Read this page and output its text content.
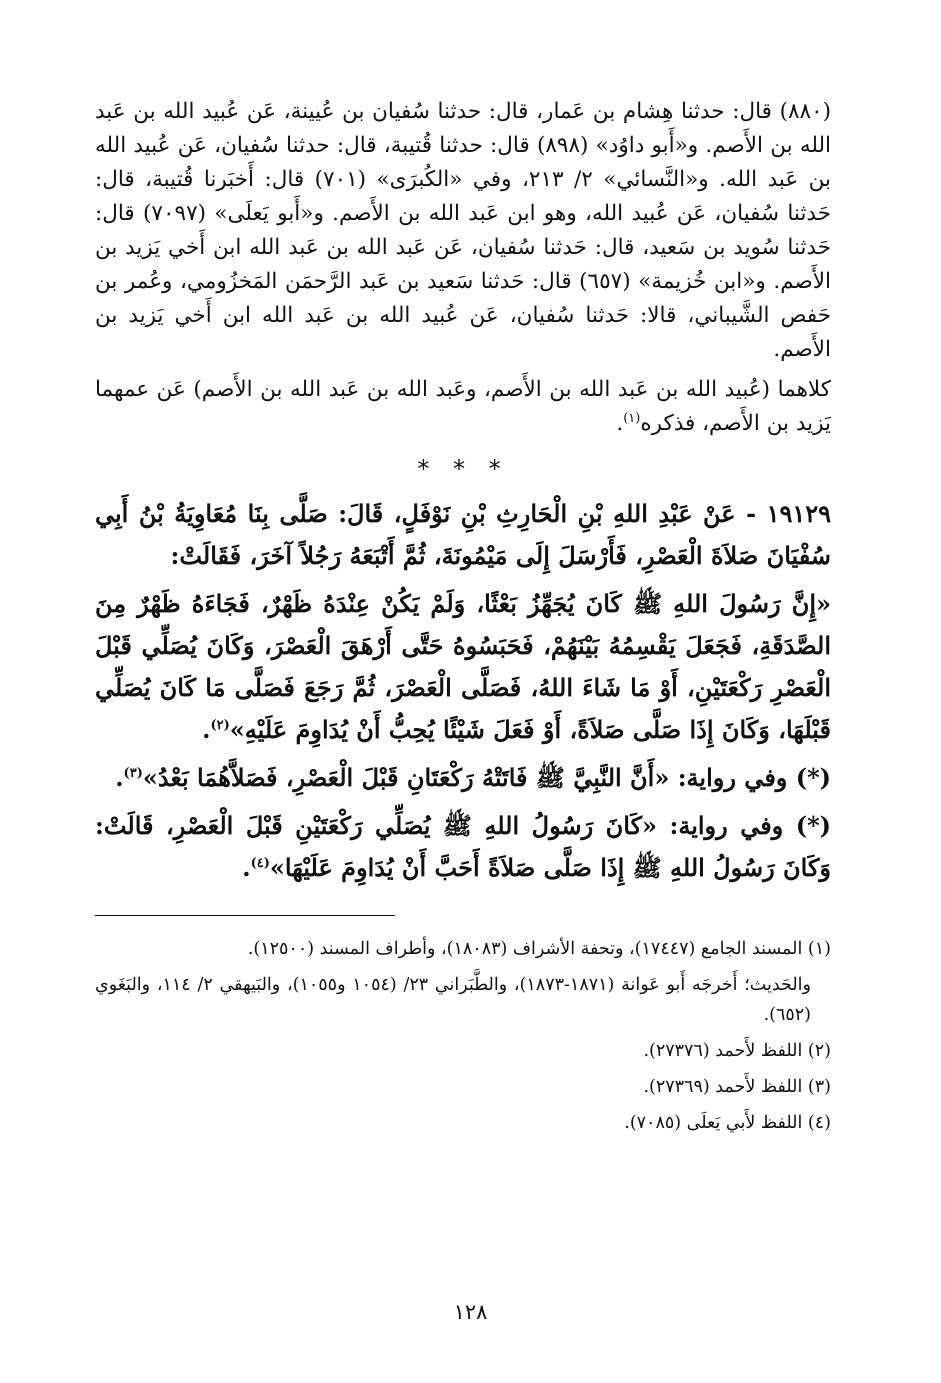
(٨٨٠) قال: حدثنا هِشام بن عَمار، قال: حدثنا سُفيان بن عُيينة، عَن عُبيد الله بن عَبد الله بن الأَصم. و«أَبو داوُد» (٨٩٨) قال: حدثنا قُتيبة، قال: حدثنا سُفيان، عَن عُبيد الله بن عَبد الله. و«النَّسائي» ٢/ ٢١٣، وفي «الكُبرَى» (٧٠١) قال: أَخبَرنا قُتيبة، قال: حَدثنا سُفيان، عَن عُبيد الله، وهو ابن عَبد الله بن الأَصم. و«أَبو يَعلَى» (٧٠٩٧) قال: حَدثنا سُويد بن سَعيد، قال: حَدثنا سُفيان، عَن عَبد الله بن عَبد الله ابن أَخي يَزيد بن الأَصم. و«ابن خُزيمة» (٦٥٧) قال: حَدثنا سَعيد بن عَبد الرَّحمَن المَخزُومي، وعُمر بن حَفص الشَّيباني، قالا: حَدثنا سُفيان، عَن عُبيد الله بن عَبد الله ابن أَخي يَزيد بن الأَصم.

كلاهما (عُبيد الله بن عَبد الله بن الأَصم، وعَبد الله بن عَبد الله بن الأَصم) عَن عمهما يَزيد بن الأَصم، فذكره$^{(١)}$.

* * *

١٩١٢٩ - عَنْ عَبْدِ اللهِ بْنِ الْحَارِثِ بْنِ نَوْفَلٍ، قَالَ: صَلَّى بِنَا مُعَاوِيَةُ بْنُ أَبِي سُفْيَانَ صَلاَةَ الْعَصْرِ، فَأَرْسَلَ إِلَى مَيْمُونَةَ، ثُمَّ أَتْبَعَهُ رَجُلاً آخَرَ، فَقَالَتْ:

«إِنَّ رَسُولَ اللهِ ﷺ كَانَ يُجَهِّزُ بَعْثًا، وَلَمْ يَكُنْ عِنْدَهُ ظَهْرٌ، فَجَاءَهُ ظَهْرٌ مِنَ الصَّدَقَةِ، فَجَعَلَ يَقْسِمُهُ بَيْنَهُمْ، فَحَبَسُوهُ حَتَّى أَرْهَقَ الْعَصْرَ، وَكَانَ يُصَلِّي قَبْلَ الْعَصْرِ رَكْعَتَيْنِ، أَوْ مَا شَاءَ اللهُ، فَصَلَّى الْعَصْرَ، ثُمَّ رَجَعَ فَصَلَّى مَا كَانَ يُصَلِّي قَبْلَهَا، وَكَانَ إِذَا صَلَّى صَلاَةً، أَوْ فَعَلَ شَيْئًا يُحِبُّ أَنْ يُدَاوِمَ عَلَيْهِ»$^{(٢)}$.

(*) وفي رواية: «أَنَّ النَّبِيَّ ﷺ فَاتَتْهُ رَكْعَتَانِ قَبْلَ الْعَصْرِ، فَصَلاَّهُمَا بَعْدُ»$^{(٣)}$.

(*) وفي رواية: «كَانَ رَسُولُ اللهِ ﷺ يُصَلِّي رَكْعَتَيْنِ قَبْلَ الْعَصْرِ، قَالَتْ: وَكَانَ رَسُولُ اللهِ ﷺ إِذَا صَلَّى صَلاَةً أَحَبَّ أَنْ يُدَاوِمَ عَلَيْهَا»$^{(٤)}$.

(١) المسند الجامع (١٧٤٤٧)، وتحفة الأشراف (١٨٠٨٣)، وأطراف المسند (١٢٥٠٠).

والحَديث؛ أَخرجَه أَبو عَوانة (١٨٧١-١٨٧٣)، والطَّبَراني ٢٣/ (١٠٥٤ و١٠٥٥)، والبَيهقي ٢/ ١١٤، والبَغَوي (٦٥٢).

(٢) اللفظ لأَحمد (٢٧٣٧٦).

(٣) اللفظ لأَحمد (٢٧٣٦٩).

(٤) اللفظ لأَبي يَعلَى (٧٠٨٥).

١٢٨
